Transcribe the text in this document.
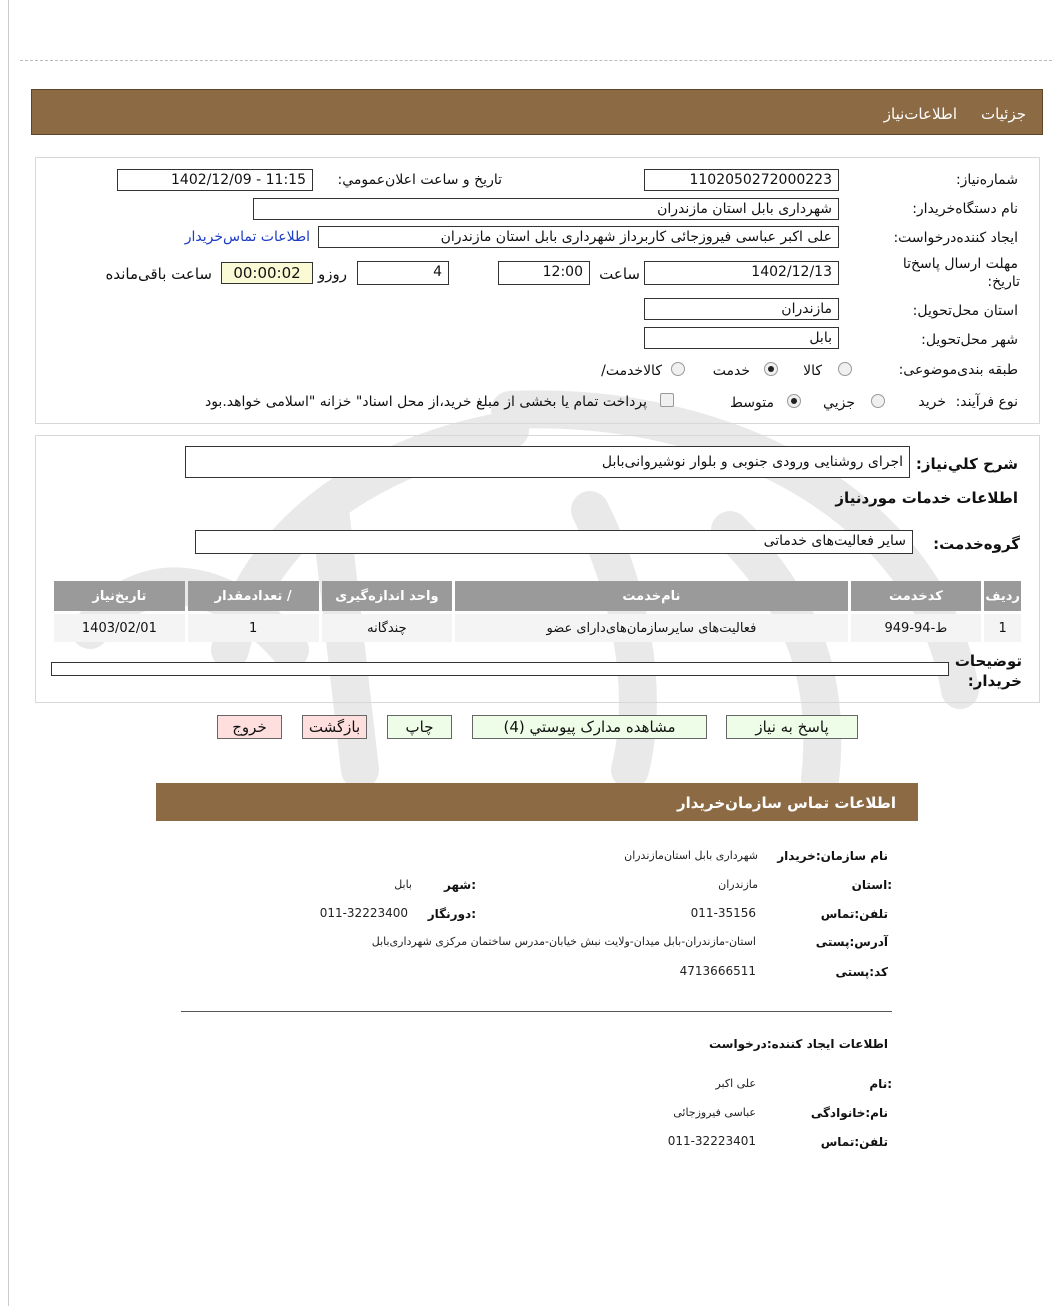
جزئیات
اطلاعات‌نیاز
شماره‌نیاز:
1102050272000223
تاریخ و ساعت اعلان‌عمومي:
1402/12/09 - 11:15
نام دستگاه‌خریدار:
شهرداری بابل استان مازندران
ایجاد کننده‌درخواست:
علی اکبر عباسی فیروزجائی کاربرداز شهرداری بابل استان مازندران
اطلاعات تماس‌خریدار
مهلت ارسال پاسخ‌تا
تاریخ:
1402/12/13
ساعت
12:00
4
روزو
00:00:02
ساعت باقی‌مانده
استان محل‌تحویل:
مازندران
شهر محل‌تحویل:
بابل
طبقه بندی‌موضوعی:
کالا
خدمت
کالاخدمت/
نوع فرآیند:
خرید
جزیي
متوسط
پرداخت تمام یا بخشی از مبلغ خرید،از محل اسناد" خزانه "اسلامی خواهد.بود
شرح کلي‌نیاز:
اجرای روشنایی ورودی جنوبی و بلوار نوشیروانی‌بابل
اطلاعات خدمات موردنیاز
گروه‌خدمت:
سایر فعالیت‌های خدماتی
ردیف	کدخدمت	نام‌خدمت	واحد اندازه‌گیری	/ تعدادمقدار	تاریخ‌نیاز
1	ط-94-949	فعالیت‌های سایرسازمان‌های‌دارای عضو	چندگانه	1	1403/02/01
توضیحات
خریدار:
پاسخ به نیاز
مشاهده مدارک پیوستي (4)
چاپ
بازگشت
خروج
اطلاعات تماس سازمان‌خریدار
نام سازمان:خریدار
شهرداری بابل استان‌مازندران
:استان
مازندران
:شهر
بابل
تلفن:تماس
011-35156
:دورنگار
011-32223400
آدرس:پستی
استان-مازندران-بابل میدان-ولایت نبش خیابان-مدرس ساختمان مرکزی شهرداری‌بابل
کد:پستی
4713666511
اطلاعات ایجاد کننده:درخواست
:نام
علی اکبر
نام:خانوادگی
عباسی فیروزجائی
تلفن:تماس
011-32223401
